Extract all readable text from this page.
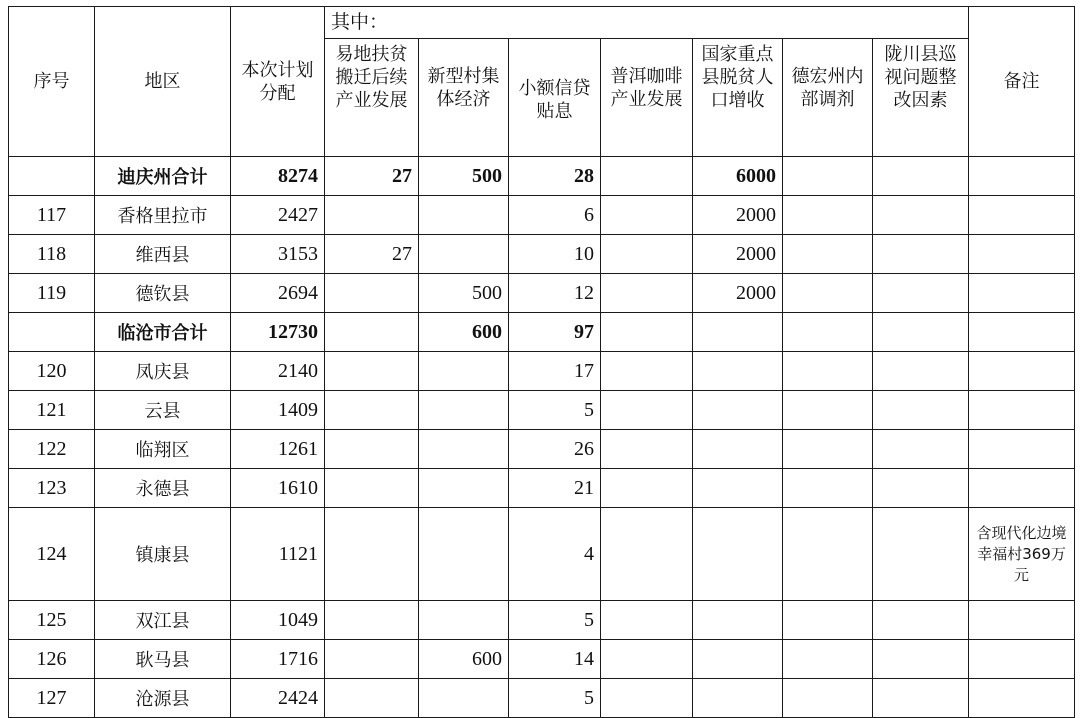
序号	地区	本次计划分配	其中：							备注
			易地扶贫搬迁后续产业发展	新型村集体经济	小额信贷贴息	普洱咖啡产业发展	国家重点县脱贫人口增收	德宏州内部调剂	陇川县巡视问题整改因素	
	迪庆州合计	8274	27	500	28		6000			
117	香格里拉市	2427			6		2000			
118	维西县	3153	27		10		2000			
119	德钦县	2694		500	12		2000			
	临沧市合计	12730		600	97					
120	凤庆县	2140			17					
121	云县	1409			5					
122	临翔区	1261			26					
123	永德县	1610			21					
124	镇康县	1121			4					含现代化边境幸福村369万元
125	双江县	1049			5					
126	耿马县	1716		600	14					
127	沧源县	2424			5					
